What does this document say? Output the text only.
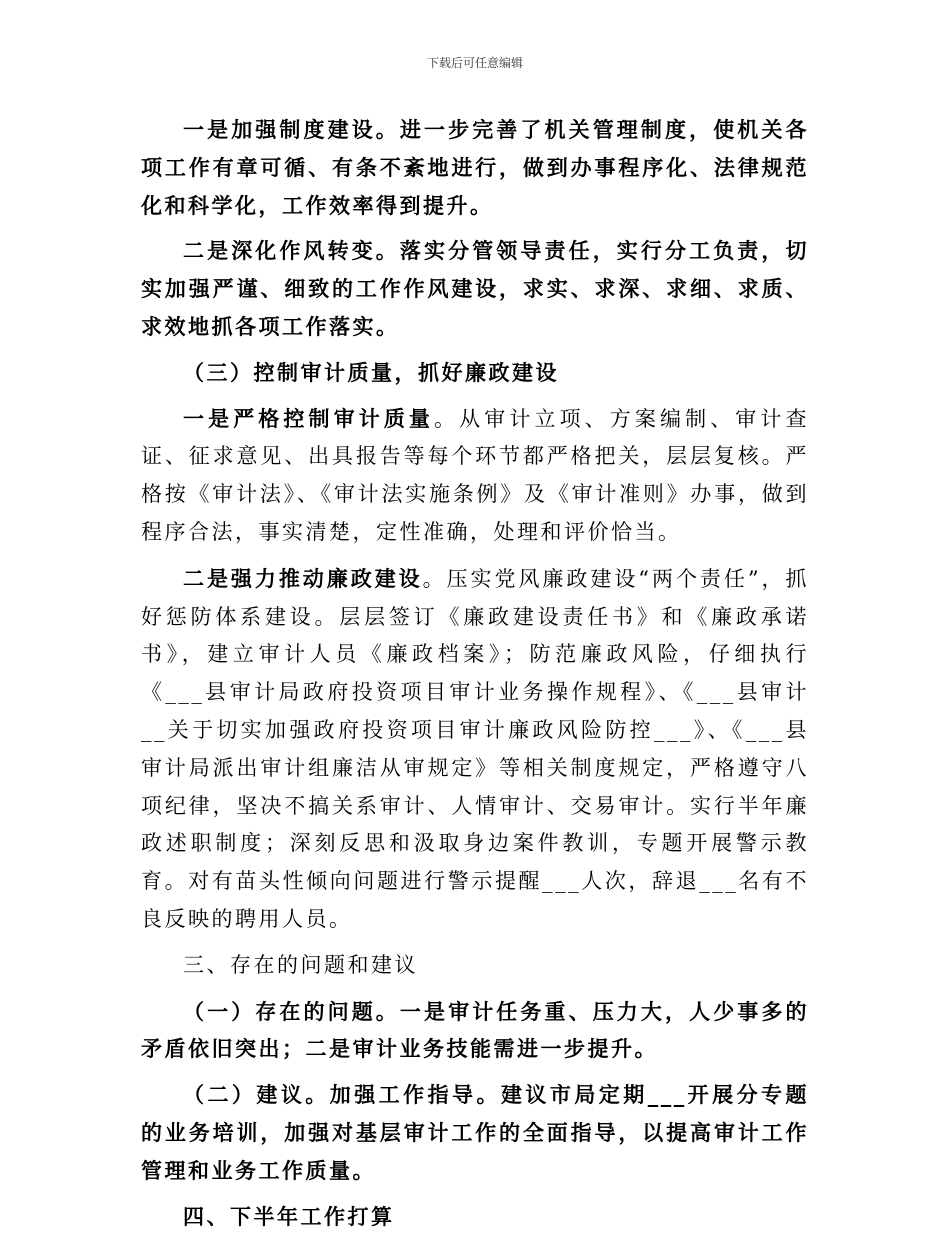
下载后可任意编辑

一是加强制度建设。进一步完善了机关管理制度，使机关各项工作有章可循、有条不紊地进行，做到办事程序化、法律规范化和科学化，工作效率得到提升。

二是深化作风转变。落实分管领导责任，实行分工负责，切实加强严谨、细致的工作作风建设，求实、求深、求细、求质、求效地抓各项工作落实。

（三）控制审计质量，抓好廉政建设

一是严格控制审计质量。从审计立项、方案编制、审计查证、征求意见、出具报告等每个环节都严格把关，层层复核。严格按《审计法》、《审计法实施条例》及《审计准则》办事，做到程序合法，事实清楚，定性准确，处理和评价恰当。

二是强力推动廉政建设。压实党风廉政建设“两个责任”，抓好惩防体系建设。层层签订《廉政建设责任书》和《廉政承诺书》，建立审计人员《廉政档案》；防范廉政风险，仔细执行《___县审计局政府投资项目审计业务操作规程》、《___县审计__关于切实加强政府投资项目审计廉政风险防控___》、《___县审计局派出审计组廉洁从审规定》等相关制度规定，严格遵守八项纪律，坚决不搞关系审计、人情审计、交易审计。实行半年廉政述职制度；深刻反思和汲取身边案件教训，专题开展警示教育。对有苗头性倾向问题进行警示提醒___人次，辞退___名有不良反映的聘用人员。

三、存在的问题和建议

（一）存在的问题。一是审计任务重、压力大，人少事多的矛盾依旧突出；二是审计业务技能需进一步提升。

（二）建议。加强工作指导。建议市局定期___开展分专题的业务培训，加强对基层审计工作的全面指导，以提高审计工作管理和业务工作质量。

四、下半年工作打算
